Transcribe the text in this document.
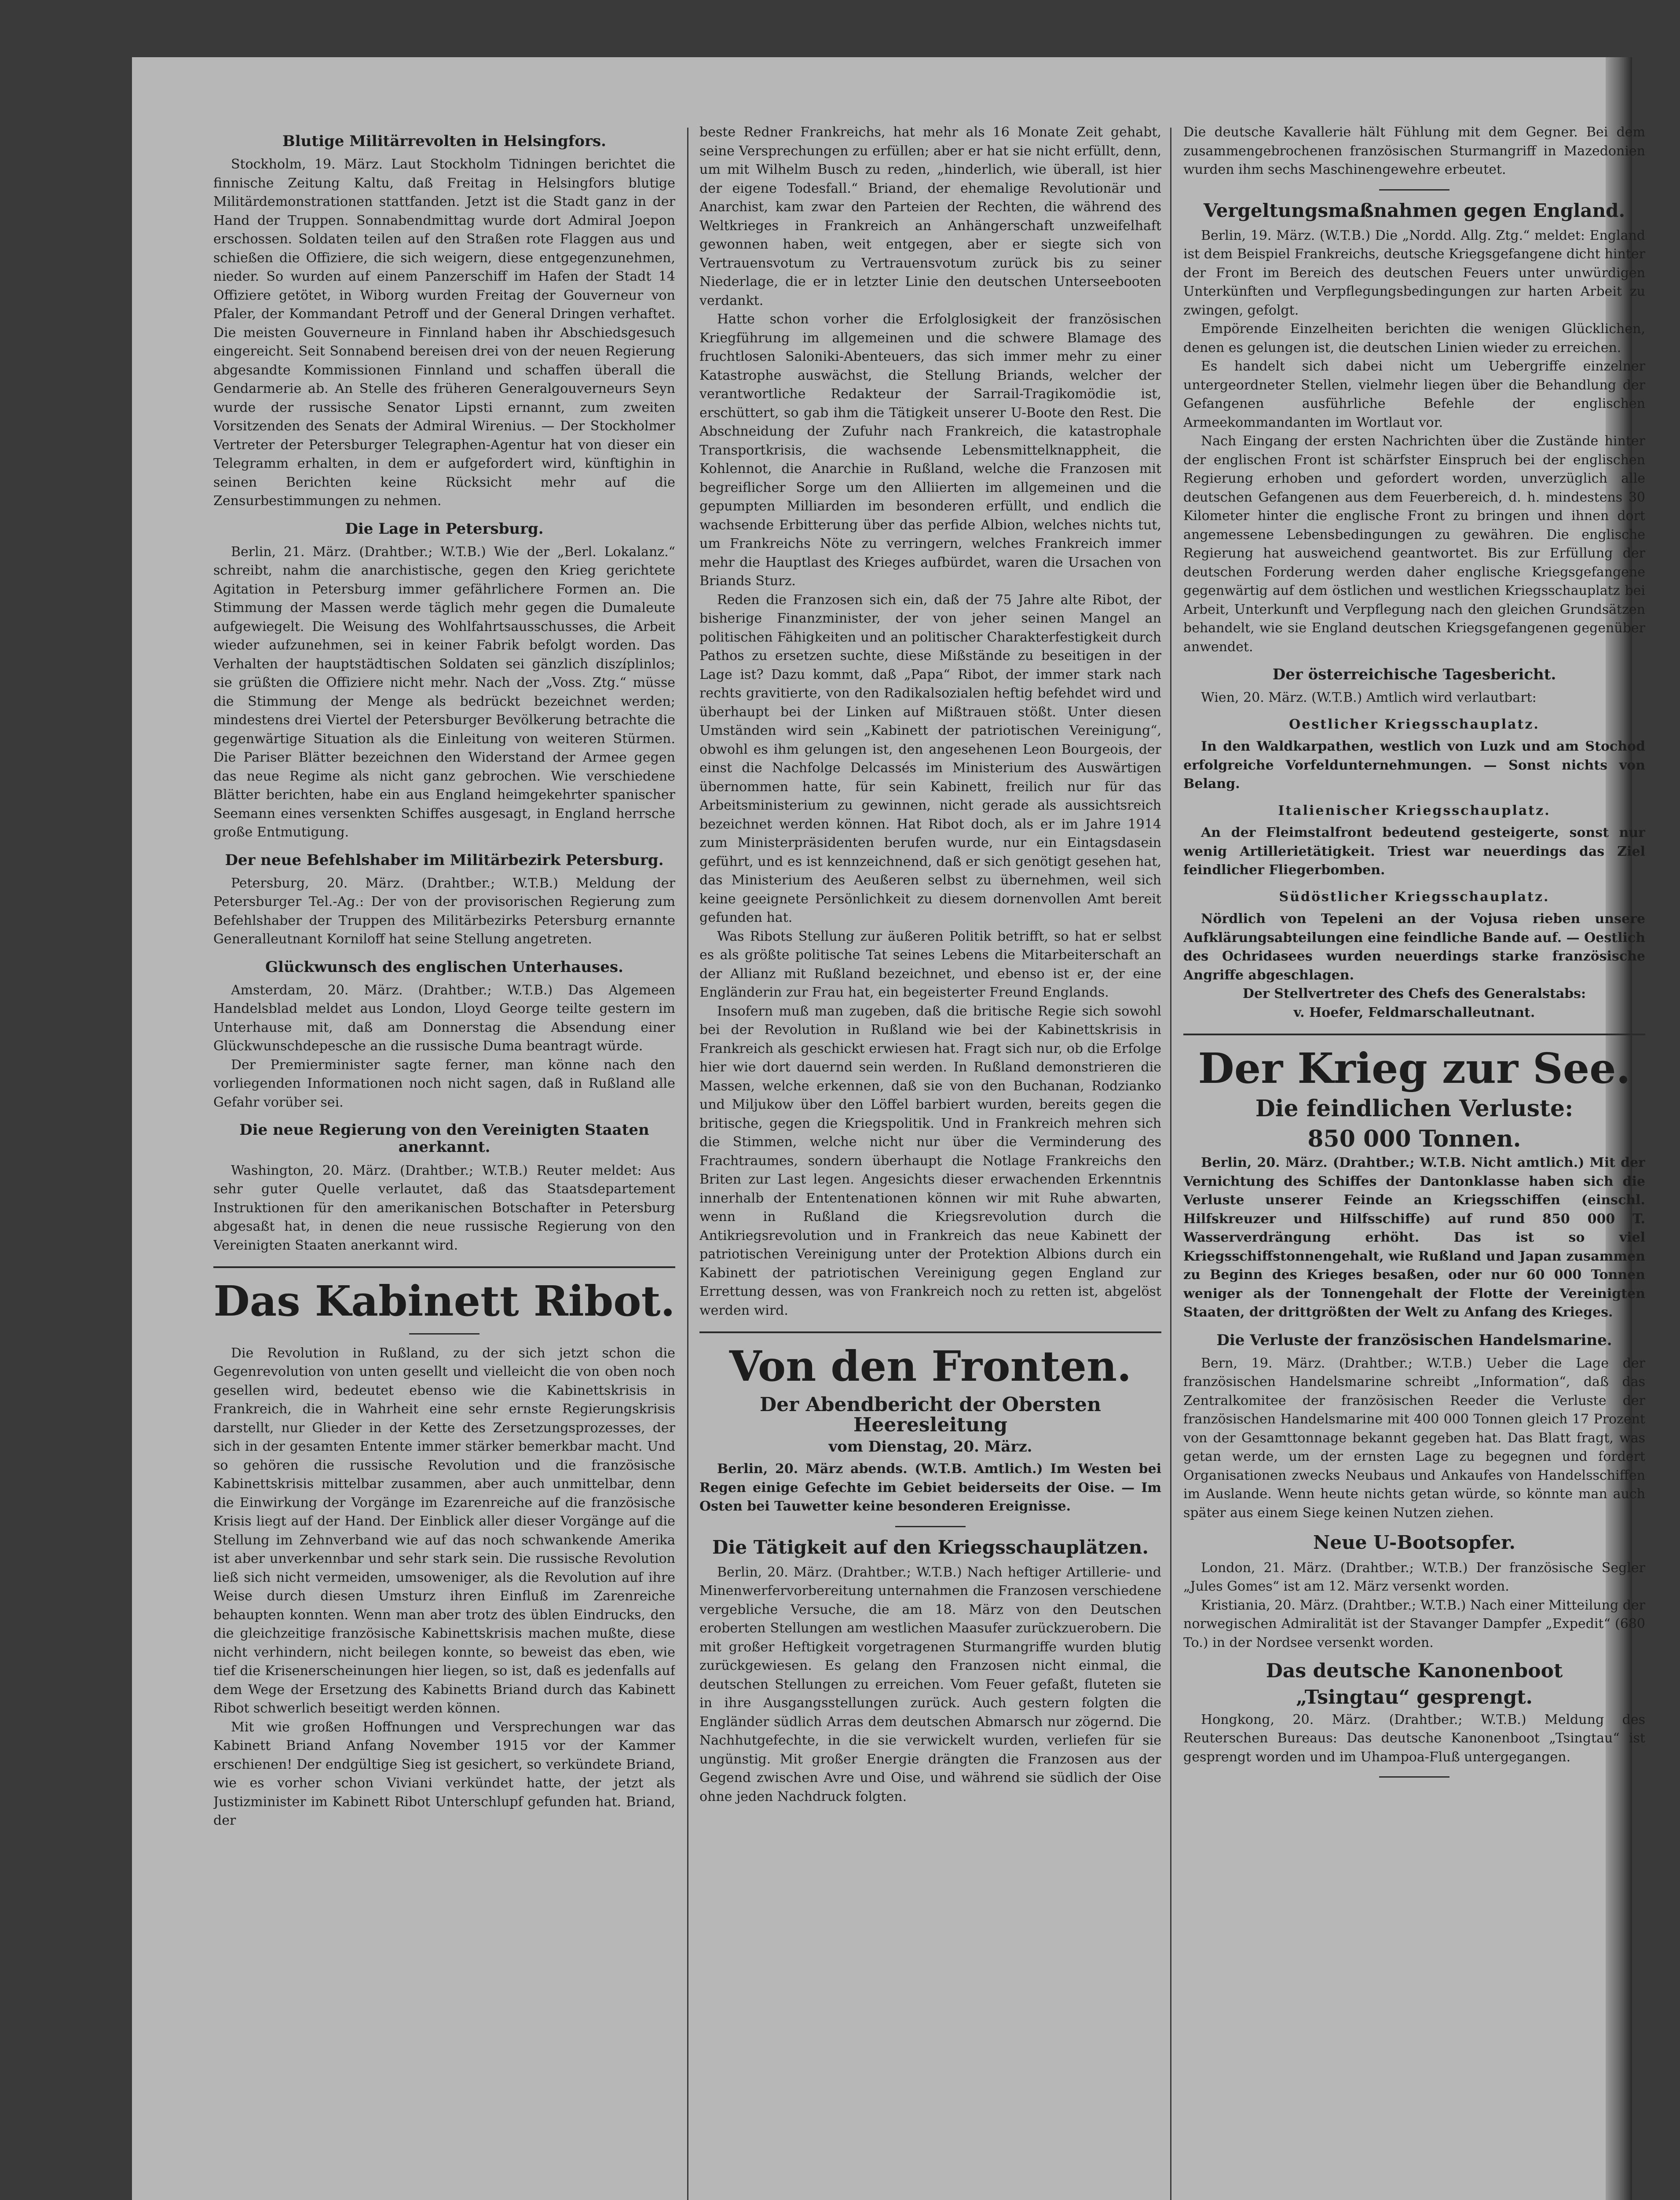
Blutige Militärrevolten in Helsingfors.

Stockholm, 19. März. Laut Stockholm Tidningen berichtet die finnische Zeitung Kaltu, daß Freitag in Helsingfors blutige Militärdemonstrationen stattfanden. Jetzt ist die Stadt ganz in der Hand der Truppen. Sonnabendmittag wurde dort Admiral Joepon erschossen. Soldaten teilen auf den Straßen rote Flaggen aus und schießen die Offiziere, die sich weigern, diese entgegenzunehmen, nieder. So wurden auf einem Panzerschiff im Hafen der Stadt 14 Offiziere getötet, in Wiborg wurden Freitag der Gouverneur von Pfaler, der Kommandant Petroff und der General Dringen verhaftet. Die meisten Gouverneure in Finnland haben ihr Abschiedsgesuch eingereicht. Seit Sonnabend bereisen drei von der neuen Regierung abgesandte Kommissionen Finnland und schaffen überall die Gendarmerie ab. An Stelle des früheren Generalgouverneurs Seyn wurde der russische Senator Lipsti ernannt, zum zweiten Vorsitzenden des Senats der Admiral Wirenius. — Der Stockholmer Vertreter der Petersburger Telegraphen-Agentur hat von dieser ein Telegramm erhalten, in dem er aufgefordert wird, künftighin in seinen Berichten keine Rücksicht mehr auf die Zensurbestimmungen zu nehmen.

Die Lage in Petersburg.

Berlin, 21. März. (Drahtber.; W.T.B.) Wie der „Berl. Lokalanz.“ schreibt, nahm die anarchistische, gegen den Krieg gerichtete Agitation in Petersburg immer gefährlichere Formen an. Die Stimmung der Massen werde täglich mehr gegen die Dumaleute aufgewiegelt. Die Weisung des Wohlfahrtsausschusses, die Arbeit wieder aufzunehmen, sei in keiner Fabrik befolgt worden. Das Verhalten der hauptstädtischen Soldaten sei gänzlich diszíplinlos; sie grüßten die Offiziere nicht mehr. Nach der „Voss. Ztg.“ müsse die Stimmung der Menge als bedrückt bezeichnet werden; mindestens drei Viertel der Petersburger Bevölkerung betrachte die gegenwärtige Situation als die Einleitung von weiteren Stürmen. Die Pariser Blätter bezeichnen den Widerstand der Armee gegen das neue Regime als nicht ganz gebrochen. Wie verschiedene Blätter berichten, habe ein aus England heimgekehrter spanischer Seemann eines versenkten Schiffes ausgesagt, in England herrsche große Entmutigung.

Der neue Befehlshaber im Militärbezirk Petersburg.

Petersburg, 20. März. (Drahtber.; W.T.B.) Meldung der Petersburger Tel.-Ag.: Der von der provisorischen Regierung zum Befehlshaber der Truppen des Militärbezirks Petersburg ernannte Generalleutnant Korniloff hat seine Stellung angetreten.

Glückwunsch des englischen Unterhauses.

Amsterdam, 20. März. (Drahtber.; W.T.B.) Das Algemeen Handelsblad meldet aus London, Lloyd George teilte gestern im Unterhause mit, daß am Donnerstag die Absendung einer Glückwunschdepesche an die russische Duma beantragt würde.

Der Premierminister sagte ferner, man könne nach den vorliegenden Informationen noch nicht sagen, daß in Rußland alle Gefahr vorüber sei.

Die neue Regierung von den Vereinigten Staaten anerkannt.

Washington, 20. März. (Drahtber.; W.T.B.) Reuter meldet: Aus sehr guter Quelle verlautet, daß das Staatsdepartement Instruktionen für den amerikanischen Botschafter in Petersburg abgesaßt hat, in denen die neue russische Regierung von den Vereinigten Staaten anerkannt wird.

Das Kabinett Ribot.

Die Revolution in Rußland, zu der sich jetzt schon die Gegenrevolution von unten gesellt und vielleicht die von oben noch gesellen wird, bedeutet ebenso wie die Kabinettskrisis in Frankreich, die in Wahrheit eine sehr ernste Regierungskrisis darstellt, nur Glieder in der Kette des Zersetzungsprozesses, der sich in der gesamten Entente immer stärker bemerkbar macht. Und so gehören die russische Revolution und die französische Kabinettskrisis mittelbar zusammen, aber auch unmittelbar, denn die Einwirkung der Vorgänge im Ezarenreiche auf die französische Krisis liegt auf der Hand. Der Einblick aller dieser Vorgänge auf die Stellung im Zehnverband wie auf das noch schwankende Amerika ist aber unverkennbar und sehr stark sein. Die russische Revolution ließ sich nicht vermeiden, umsoweniger, als die Revolution auf ihre Weise durch diesen Umsturz ihren Einfluß im Zarenreiche behaupten konnten. Wenn man aber trotz des üblen Eindrucks, den die gleichzeitige französische Kabinettskrisis machen mußte, diese nicht verhindern, nicht beilegen konnte, so beweist das eben, wie tief die Krisenerscheinungen hier liegen, so ist, daß es jedenfalls auf dem Wege der Ersetzung des Kabinetts Briand durch das Kabinett Ribot schwerlich beseitigt werden können.

Mit wie großen Hoffnungen und Versprechungen war das Kabinett Briand Anfang November 1915 vor der Kammer erschienen! Der endgültige Sieg ist gesichert, so verkündete Briand, wie es vorher schon Viviani verkündet hatte, der jetzt als Justizminister im Kabinett Ribot Unterschlupf gefunden hat. Briand, der

beste Redner Frankreichs, hat mehr als 16 Monate Zeit gehabt, seine Versprechungen zu erfüllen; aber er hat sie nicht erfüllt, denn, um mit Wilhelm Busch zu reden, „hinderlich, wie überall, ist hier der eigene Todesfall.“ Briand, der ehemalige Revolutionär und Anarchist, kam zwar den Parteien der Rechten, die während des Weltkrieges in Frankreich an Anhängerschaft unzweifelhaft gewonnen haben, weit entgegen, aber er siegte sich von Vertrauensvotum zu Vertrauensvotum zurück bis zu seiner Niederlage, die er in letzter Linie den deutschen Unterseebooten verdankt.

Hatte schon vorher die Erfolglosigkeit der französischen Kriegführung im allgemeinen und die schwere Blamage des fruchtlosen Saloniki-Abenteuers, das sich immer mehr zu einer Katastrophe auswächst, die Stellung Briands, welcher der verantwortliche Redakteur der Sarrail-Tragikomödie ist, erschüttert, so gab ihm die Tätigkeit unserer U-Boote den Rest. Die Abschneidung der Zufuhr nach Frankreich, die katastrophale Transportkrisis, die wachsende Lebensmittelknappheit, die Kohlennot, die Anarchie in Rußland, welche die Franzosen mit begreiflicher Sorge um den Alliierten im allgemeinen und die gepumpten Milliarden im besonderen erfüllt, und endlich die wachsende Erbitterung über das perfide Albion, welches nichts tut, um Frankreichs Nöte zu verringern, welches Frankreich immer mehr die Hauptlast des Krieges aufbürdet, waren die Ursachen von Briands Sturz.

Reden die Franzosen sich ein, daß der 75 Jahre alte Ribot, der bisherige Finanzminister, der von jeher seinen Mangel an politischen Fähigkeiten und an politischer Charakterfestigkeit durch Pathos zu ersetzen suchte, diese Mißstände zu beseitigen in der Lage ist? Dazu kommt, daß „Papa“ Ribot, der immer stark nach rechts gravitierte, von den Radikalsozialen heftig befehdet wird und überhaupt bei der Linken auf Mißtrauen stößt. Unter diesen Umständen wird sein „Kabinett der patriotischen Vereinigung“, obwohl es ihm gelungen ist, den angesehenen Leon Bourgeois, der einst die Nachfolge Delcassés im Ministerium des Auswärtigen übernommen hatte, für sein Kabinett, freilich nur für das Arbeitsministerium zu gewinnen, nicht gerade als aussichtsreich bezeichnet werden können. Hat Ribot doch, als er im Jahre 1914 zum Ministerpräsidenten berufen wurde, nur ein Eintagsdasein geführt, und es ist kennzeichnend, daß er sich genötigt gesehen hat, das Ministerium des Aeußeren selbst zu übernehmen, weil sich keine geeignete Persönlichkeit zu diesem dornenvollen Amt bereit gefunden hat.

Was Ribots Stellung zur äußeren Politik betrifft, so hat er selbst es als größte politische Tat seines Lebens die Mitarbeiterschaft an der Allianz mit Rußland bezeichnet, und ebenso ist er, der eine Engländerin zur Frau hat, ein begeisterter Freund Englands.

Insofern muß man zugeben, daß die britische Regie sich sowohl bei der Revolution in Rußland wie bei der Kabinettskrisis in Frankreich als geschickt erwiesen hat. Fragt sich nur, ob die Erfolge hier wie dort dauernd sein werden. In Rußland demonstrieren die Massen, welche erkennen, daß sie von den Buchanan, Rodzianko und Miljukow über den Löffel barbiert wurden, bereits gegen die britische, gegen die Kriegspolitik. Und in Frankreich mehren sich die Stimmen, welche nicht nur über die Verminderung des Frachtraumes, sondern überhaupt die Notlage Frankreichs den Briten zur Last legen. Angesichts dieser erwachenden Erkenntnis innerhalb der Ententenationen können wir mit Ruhe abwarten, wenn in Rußland die Kriegsrevolution durch die Antikriegsrevolution und in Frankreich das neue Kabinett der patriotischen Vereinigung unter der Protektion Albions durch ein Kabinett der patriotischen Vereinigung gegen England zur Errettung dessen, was von Frankreich noch zu retten ist, abgelöst werden wird.

Von den Fronten.
Der Abendbericht der Obersten Heeresleitung
vom Dienstag, 20. März.

Berlin, 20. März abends. (W.T.B. Amtlich.) Im Westen bei Regen einige Gefechte im Gebiet beiderseits der Oise. — Im Osten bei Tauwetter keine besonderen Ereignisse.

Die Tätigkeit auf den Kriegsschauplätzen.

Berlin, 20. März. (Drahtber.; W.T.B.) Nach heftiger Artillerie- und Minenwerfervorbereitung unternahmen die Franzosen verschiedene vergebliche Versuche, die am 18. März von den Deutschen eroberten Stellungen am westlichen Maasufer zurückzuerobern. Die mit großer Heftigkeit vorgetragenen Sturmangriffe wurden blutig zurückgewiesen. Es gelang den Franzosen nicht einmal, die deutschen Stellungen zu erreichen. Vom Feuer gefaßt, fluteten sie in ihre Ausgangsstellungen zurück. Auch gestern folgten die Engländer südlich Arras dem deutschen Abmarsch nur zögernd. Die Nachhutgefechte, in die sie verwickelt wurden, verliefen für sie ungünstig. Mit großer Energie drängten die Franzosen aus der Gegend zwischen Avre und Oise, und während sie südlich der Oise ohne jeden Nachdruck folgten.

Die deutsche Kavallerie hält Fühlung mit dem Gegner. Bei dem zusammengebrochenen französischen Sturmangriff in Mazedonien wurden ihm sechs Maschinengewehre erbeutet.

Vergeltungsmaßnahmen gegen England.

Berlin, 19. März. (W.T.B.) Die „Nordd. Allg. Ztg.“ meldet: England ist dem Beispiel Frankreichs, deutsche Kriegsgefangene dicht hinter der Front im Bereich des deutschen Feuers unter unwürdigen Unterkünften und Verpflegungsbedingungen zur harten Arbeit zu zwingen, gefolgt.

Empörende Einzelheiten berichten die wenigen Glücklichen, denen es gelungen ist, die deutschen Linien wieder zu erreichen.

Es handelt sich dabei nicht um Uebergriffe einzelner untergeordneter Stellen, vielmehr liegen über die Behandlung der Gefangenen ausführliche Befehle der englischen Armeekommandanten im Wortlaut vor.

Nach Eingang der ersten Nachrichten über die Zustände hinter der englischen Front ist schärfster Einspruch bei der englischen Regierung erhoben und gefordert worden, unverzüglich alle deutschen Gefangenen aus dem Feuerbereich, d. h. mindestens 30 Kilometer hinter die englische Front zu bringen und ihnen dort angemessene Lebensbedingungen zu gewähren. Die englische Regierung hat ausweichend geantwortet. Bis zur Erfüllung der deutschen Forderung werden daher englische Kriegsgefangene gegenwärtig auf dem östlichen und westlichen Kriegsschauplatz bei Arbeit, Unterkunft und Verpflegung nach den gleichen Grundsätzen behandelt, wie sie England deutschen Kriegsgefangenen gegenüber anwendet.

Der österreichische Tagesbericht.

Wien, 20. März. (W.T.B.) Amtlich wird verlautbart:

Oestlicher Kriegsschauplatz.

In den Waldkarpathen, westlich von Luzk und am Stochod erfolgreiche Vorfeldunternehmungen. — Sonst nichts von Belang.

Italienischer Kriegsschauplatz.

An der Fleimstalfront bedeutend gesteigerte, sonst nur wenig Artillerietätigkeit. Triest war neuerdings das Ziel feindlicher Fliegerbomben.

Südöstlicher Kriegsschauplatz.

Nördlich von Tepeleni an der Vojusa rieben unsere Aufklärungsabteilungen eine feindliche Bande auf. — Oestlich des Ochridasees wurden neuerdings starke französische Angriffe abgeschlagen.

Der Stellvertreter des Chefs des Generalstabs:

v. Hoefer, Feldmarschalleutnant.

Der Krieg zur See.
Die feindlichen Verluste:
850 000 Tonnen.

Berlin, 20. März. (Drahtber.; W.T.B. Nicht amtlich.) Mit der Vernichtung des Schiffes der Dantonklasse haben sich die Verluste unserer Feinde an Kriegsschiffen (einschl. Hilfskreuzer und Hilfsschiffe) auf rund 850 000 T. Wasserverdrängung erhöht. Das ist so viel Kriegsschiffstonnengehalt, wie Rußland und Japan zusammen zu Beginn des Krieges besaßen, oder nur 60 000 Tonnen weniger als der Tonnengehalt der Flotte der Vereinigten Staaten, der drittgrößten der Welt zu Anfang des Krieges.

Die Verluste der französischen Handelsmarine.

Bern, 19. März. (Drahtber.; W.T.B.) Ueber die Lage der französischen Handelsmarine schreibt „Information“, daß das Zentralkomitee der französischen Reeder die Verluste der französischen Handelsmarine mit 400 000 Tonnen gleich 17 Prozent von der Gesamttonnage bekannt gegeben hat. Das Blatt fragt, was getan werde, um der ernsten Lage zu begegnen und fordert Organisationen zwecks Neubaus und Ankaufes von Handelsschiffen im Auslande. Wenn heute nichts getan würde, so könnte man auch später aus einem Siege keinen Nutzen ziehen.

Neue U-Bootsopfer.

London, 21. März. (Drahtber.; W.T.B.) Der französische Segler „Jules Gomes“ ist am 12. März versenkt worden.

Kristiania, 20. März. (Drahtber.; W.T.B.) Nach einer Mitteilung der norwegischen Admiralität ist der Stavanger Dampfer „Expedit“ (680 To.) in der Nordsee versenkt worden.

Das deutsche Kanonenboot
„Tsingtau“ gesprengt.

Hongkong, 20. März. (Drahtber.; W.T.B.) Meldung des Reuterschen Bureaus: Das deutsche Kanonenboot „Tsingtau“ ist gesprengt worden und im Uhampoa-Fluß untergegangen.
